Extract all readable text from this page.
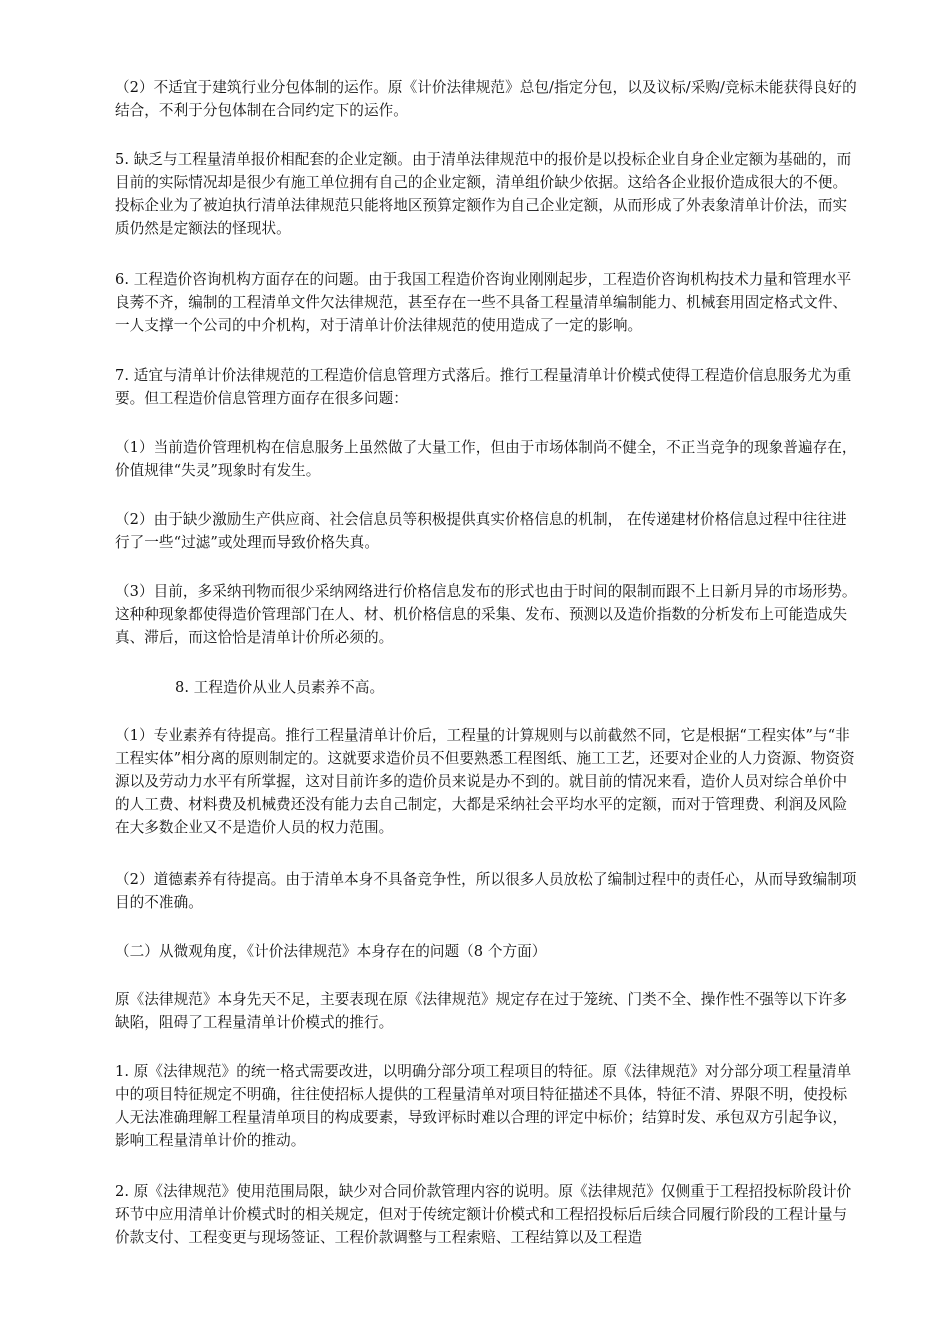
（2）不适宜于建筑行业分包体制的运作。原《计价法律规范》总包/指定分包，以及议标/采购/竞标未能获得良好的结合，不利于分包体制在合同约定下的运作。

5. 缺乏与工程量清单报价相配套的企业定额。由于清单法律规范中的报价是以投标企业自身企业定额为基础的，而目前的实际情况却是很少有施工单位拥有自己的企业定额，清单组价缺少依据。这给各企业报价造成很大的不便。投标企业为了被迫执行清单法律规范只能将地区预算定额作为自己企业定额，从而形成了外表象清单计价法，而实质仍然是定额法的怪现状。

6. 工程造价咨询机构方面存在的问题。由于我国工程造价咨询业刚刚起步，工程造价咨询机构技术力量和管理水平良莠不齐，编制的工程清单文件欠法律规范，甚至存在一些不具备工程量清单编制能力、机械套用固定格式文件、一人支撑一个公司的中介机构，对于清单计价法律规范的使用造成了一定的影响。

7. 适宜与清单计价法律规范的工程造价信息管理方式落后。推行工程量清单计价模式使得工程造价信息服务尤为重要。但工程造价信息管理方面存在很多问题：

（1）当前造价管理机构在信息服务上虽然做了大量工作，但由于市场体制尚不健全，不正当竞争的现象普遍存在，价值规律“失灵”现象时有发生。

（2）由于缺少激励生产供应商、社会信息员等积极提供真实价格信息的机制， 在传递建材价格信息过程中往往进行了一些“过滤”或处理而导致价格失真。

（3）目前，多采纳刊物而很少采纳网络进行价格信息发布的形式也由于时间的限制而跟不上日新月异的市场形势。这种种现象都使得造价管理部门在人、材、机价格信息的采集、发布、预测以及造价指数的分析发布上可能造成失真、滞后，而这恰恰是清单计价所必须的。

8. 工程造价从业人员素养不高。

（1）专业素养有待提高。推行工程量清单计价后，工程量的计算规则与以前截然不同，它是根据“工程实体”与“非工程实体”相分离的原则制定的。这就要求造价员不但要熟悉工程图纸、施工工艺，还要对企业的人力资源、物资资源以及劳动力水平有所掌握，这对目前许多的造价员来说是办不到的。就目前的情况来看，造价人员对综合单价中的人工费、材料费及机械费还没有能力去自己制定，大都是采纳社会平均水平的定额，而对于管理费、利润及风险在大多数企业又不是造价人员的权力范围。

（2）道德素养有待提高。由于清单本身不具备竞争性，所以很多人员放松了编制过程中的责任心，从而导致编制项目的不准确。

（二）从微观角度，《计价法律规范》本身存在的问题（8 个方面）

原《法律规范》本身先天不足，主要表现在原《法律规范》规定存在过于笼统、门类不全、操作性不强等以下许多缺陷，阻碍了工程量清单计价模式的推行。

1. 原《法律规范》的统一格式需要改进，以明确分部分项工程项目的特征。原《法律规范》对分部分项工程量清单中的项目特征规定不明确，往往使招标人提供的工程量清单对项目特征描述不具体，特征不清、界限不明，使投标人无法准确理解工程量清单项目的构成要素，导致评标时难以合理的评定中标价；结算时发、承包双方引起争议，影响工程量清单计价的推动。

2. 原《法律规范》使用范围局限，缺少对合同价款管理内容的说明。原《法律规范》仅侧重于工程招投标阶段计价环节中应用清单计价模式时的相关规定，但对于传统定额计价模式和工程招投标后后续合同履行阶段的工程计量与价款支付、工程变更与现场签证、工程价款调整与工程索赔、工程结算以及工程造
